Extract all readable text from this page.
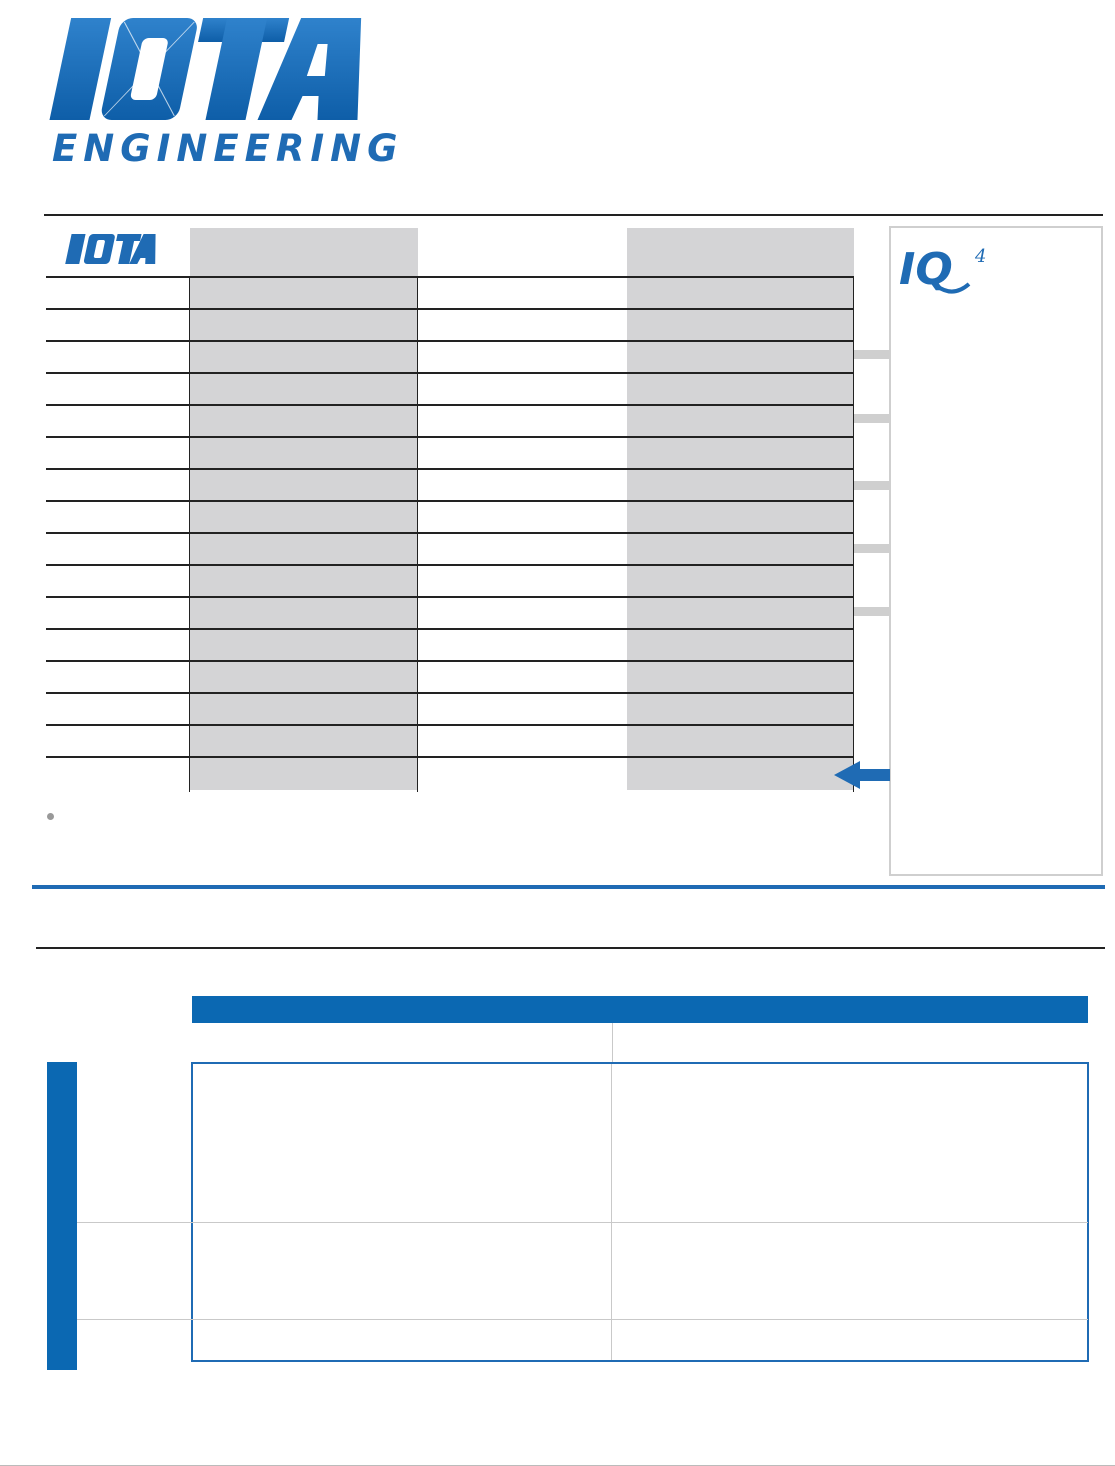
ENGINEERING
IQ 4
